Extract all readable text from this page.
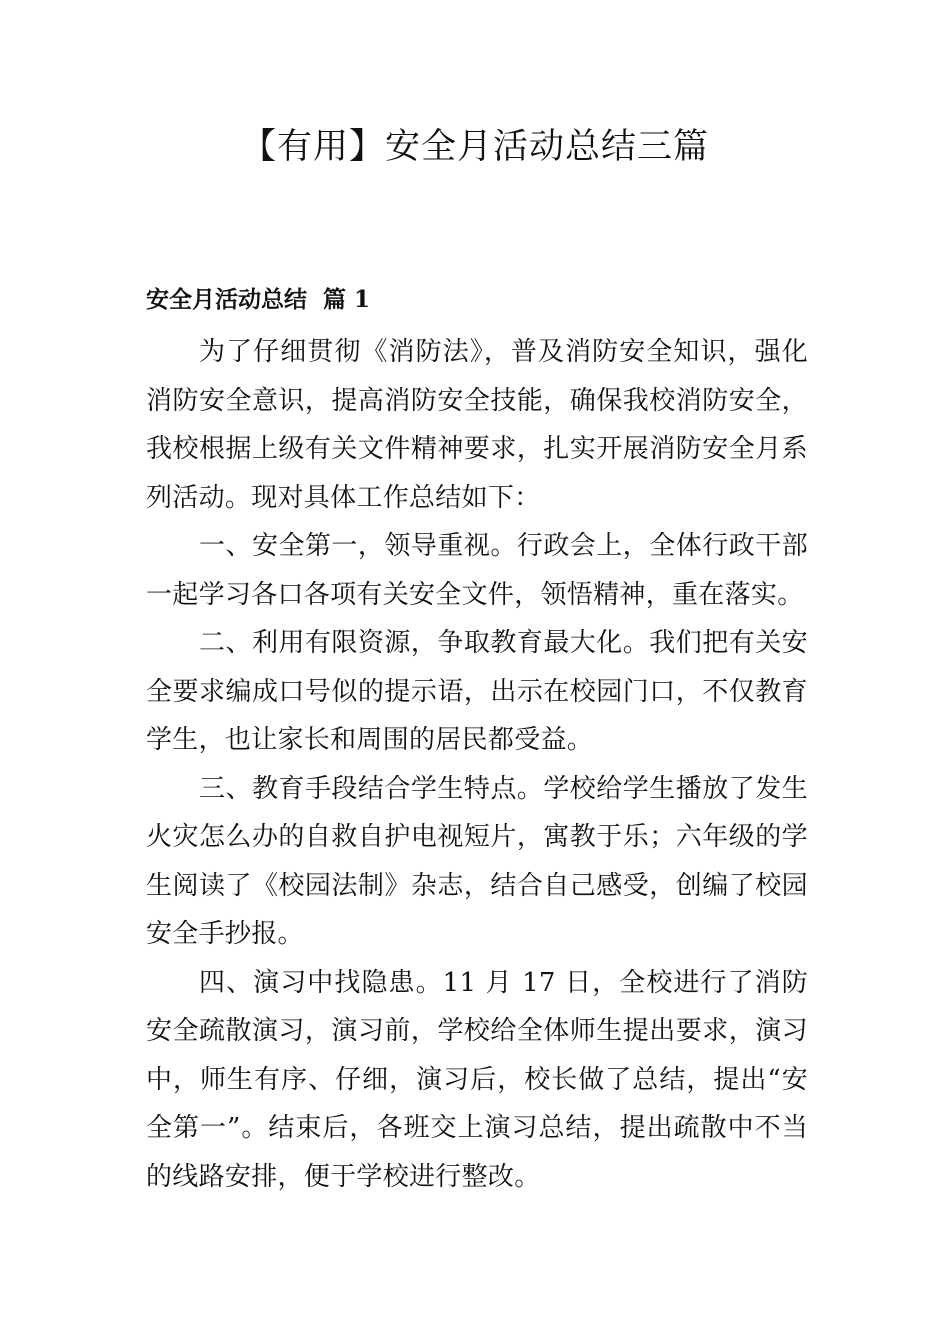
【有用】安全月活动总结三篇
安全月活动总结  篇 1

为了仔细贯彻《消防法》，普及消防安全知识，强化消防安全意识，提高消防安全技能，确保我校消防安全，我校根据上级有关文件精神要求，扎实开展消防安全月系列活动。现对具体工作总结如下：

一、安全第一，领导重视。行政会上，全体行政干部一起学习各口各项有关安全文件，领悟精神，重在落实。

二、利用有限资源，争取教育最大化。我们把有关安全要求编成口号似的提示语，出示在校园门口，不仅教育学生，也让家长和周围的居民都受益。

三、教育手段结合学生特点。学校给学生播放了发生火灾怎么办的自救自护电视短片，寓教于乐；六年级的学生阅读了《校园法制》杂志，结合自己感受，创编了校园安全手抄报。

四、演习中找隐患。11 月 17 日，全校进行了消防安全疏散演习，演习前，学校给全体师生提出要求，演习中，师生有序、仔细，演习后，校长做了总结，提出“安全第一”。结束后，各班交上演习总结，提出疏散中不当的线路安排，便于学校进行整改。
